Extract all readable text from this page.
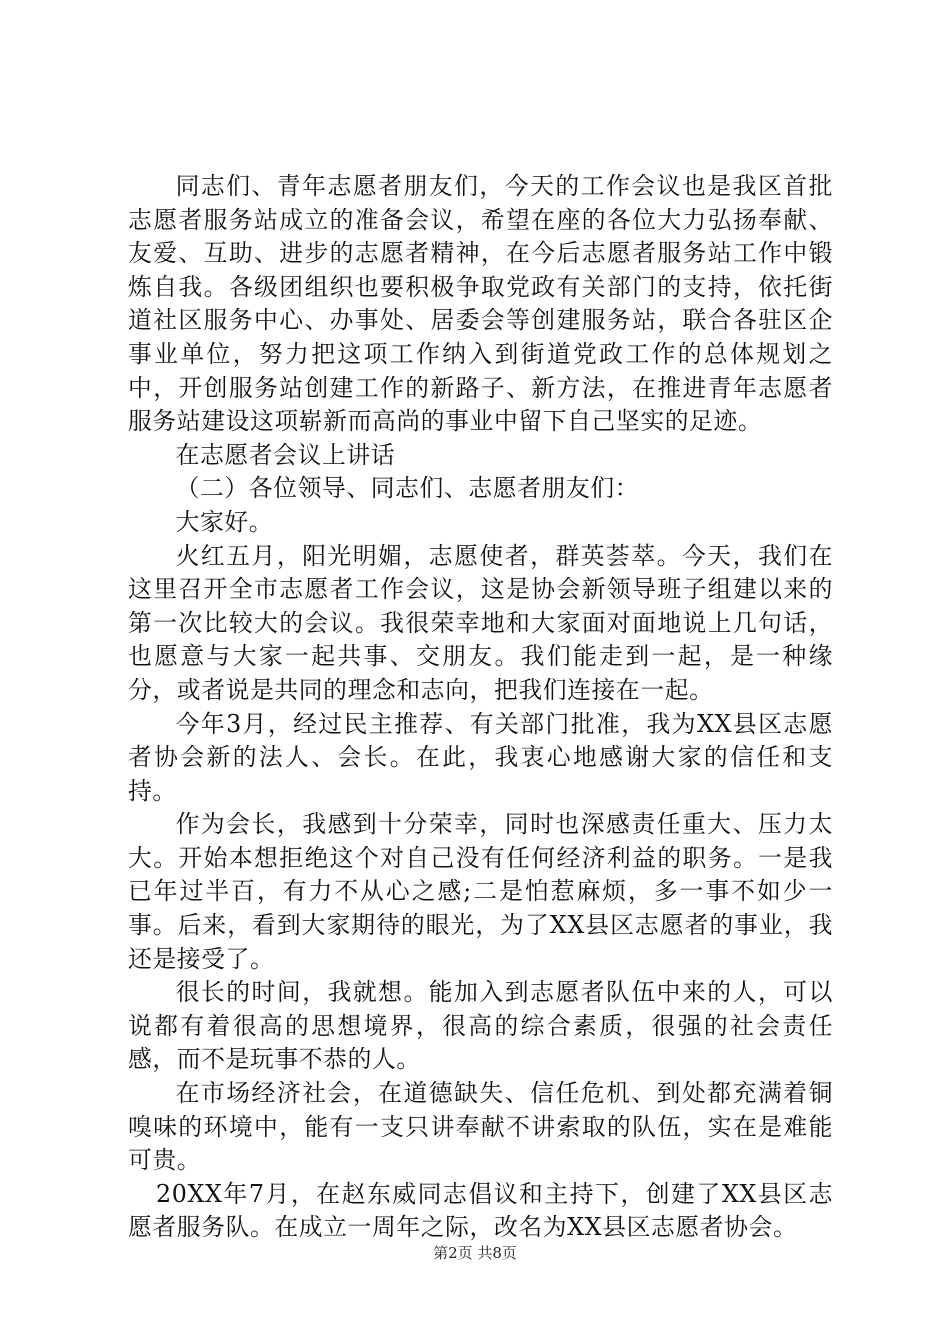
同志们、青年志愿者朋友们，今天的工作会议也是我区首批志愿者服务站成立的准备会议，希望在座的各位大力弘扬奉献、友爱、互助、进步的志愿者精神，在今后志愿者服务站工作中锻炼自我。各级团组织也要积极争取党政有关部门的支持，依托街道社区服务中心、办事处、居委会等创建服务站，联合各驻区企事业单位，努力把这项工作纳入到街道党政工作的总体规划之中，开创服务站创建工作的新路子、新方法，在推进青年志愿者服务站建设这项崭新而高尚的事业中留下自己坚实的足迹。

在志愿者会议上讲话

（二）各位领导、同志们、志愿者朋友们：

大家好。

火红五月，阳光明媚，志愿使者，群英荟萃。今天，我们在这里召开全市志愿者工作会议，这是协会新领导班子组建以来的第一次比较大的会议。我很荣幸地和大家面对面地说上几句话，也愿意与大家一起共事、交朋友。我们能走到一起，是一种缘分，或者说是共同的理念和志向，把我们连接在一起。

今年3月，经过民主推荐、有关部门批准，我为XX县区志愿者协会新的法人、会长。在此，我衷心地感谢大家的信任和支持。

作为会长，我感到十分荣幸，同时也深感责任重大、压力太大。开始本想拒绝这个对自己没有任何经济利益的职务。一是我已年过半百，有力不从心之感;二是怕惹麻烦，多一事不如少一事。后来，看到大家期待的眼光，为了XX县区志愿者的事业，我还是接受了。

很长的时间，我就想。能加入到志愿者队伍中来的人，可以说都有着很高的思想境界，很高的综合素质，很强的社会责任感，而不是玩事不恭的人。

在市场经济社会，在道德缺失、信任危机、到处都充满着铜嗅味的环境中，能有一支只讲奉献不讲索取的队伍，实在是难能可贵。

20XX年7月，在赵东威同志倡议和主持下，创建了XX县区志愿者服务队。在成立一周年之际，改名为XX县区志愿者协会。

第2页 共8页
